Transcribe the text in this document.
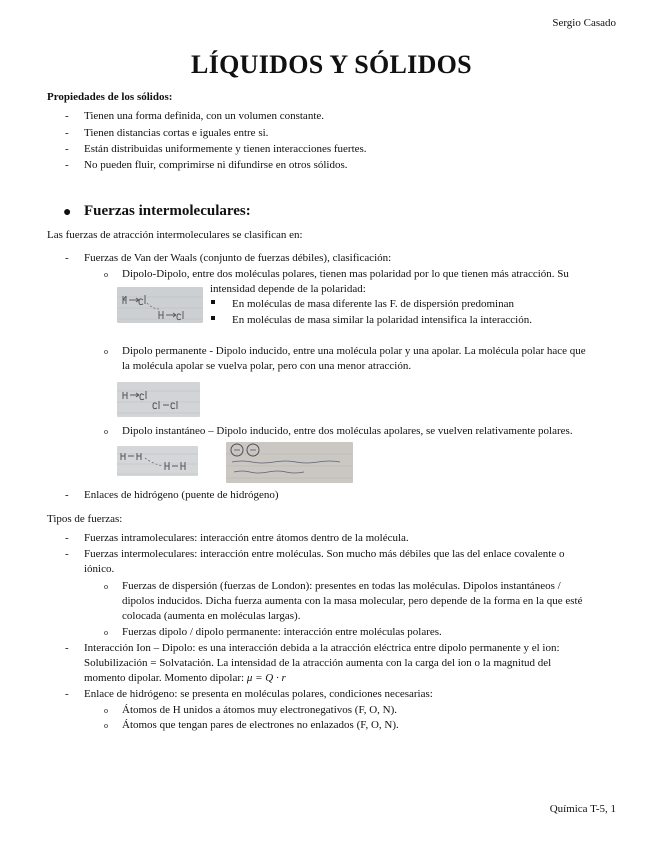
Sergio Casado
LÍQUIDOS Y SÓLIDOS
Propiedades de los sólidos:
- Tienen una forma definida, con un volumen constante.
- Tienen distancias cortas e iguales entre si.
- Están distribuidas uniformemente y tienen interacciones fuertes.
- No pueden fluir, comprimirse ni difundirse en otros sólidos.
● Fuerzas intermoleculares:
Las fuerzas de atracción intermoleculares se clasifican en:
- Fuerzas de Van der Waals (conjunto de fuerzas débiles), clasificación:
o Dipolo-Dipolo, entre dos moléculas polares, tienen mas polaridad por lo que tienen más atracción. Su
intensidad depende de la polaridad:
En moléculas de masa diferente las F. de dispersión predominan
En moléculas de masa similar la polaridad intensifica la interacción.
o Dipolo permanente - Dipolo inducido, entre una molécula polar y una apolar. La molécula polar hace que
la molécula apolar se vuelva polar, pero con una menor atracción.
o Dipolo instantáneo – Dipolo inducido, entre dos moléculas apolares, se vuelven relativamente polares.
- Enlaces de hidrógeno (puente de hidrógeno)
Tipos de fuerzas:
- Fuerzas intramoleculares: interacción entre átomos dentro de la molécula.
- Fuerzas intermoleculares: interacción entre moléculas. Son mucho más débiles que las del enlace covalente o
iónico.
o Fuerzas de dispersión (fuerzas de London): presentes en todas las moléculas. Dipolos instantáneos /
dipolos inducidos. Dicha fuerza aumenta con la masa molecular, pero depende de la forma en la que esté
colocada (aumenta en moléculas largas).
o Fuerzas dipolo / dipolo permanente: interacción entre moléculas polares.
- Interacción Ion – Dipolo: es una interacción debida a la atracción eléctrica entre dipolo permanente y el ion:
Solubilización = Solvatación. La intensidad de la atracción aumenta con la carga del ion o la magnitud del
momento dipolar. Momento dipolar: μ = Q · r
- Enlace de hidrógeno: se presenta en moléculas polares, condiciones necesarias:
o Átomos de H unidos a átomos muy electronegativos (F, O, N).
o Átomos que tengan pares de electrones no enlazados (F, O, N).
Química T-5, 1
